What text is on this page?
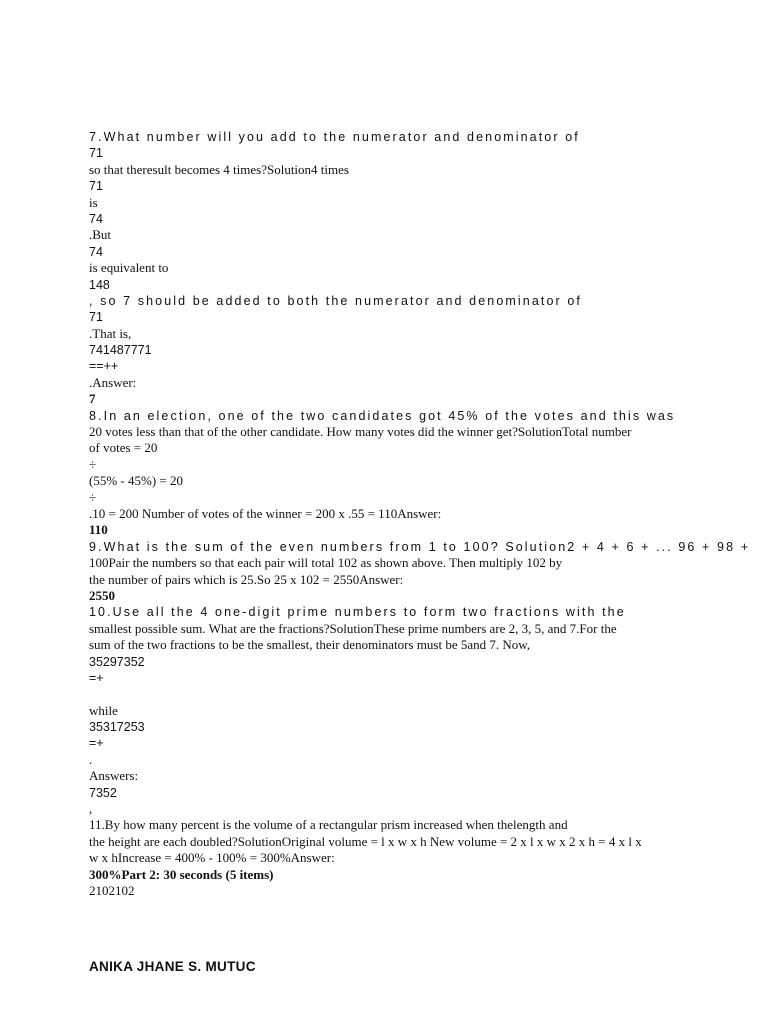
7.What number will you add to the numerator and denominator of
71
so that theresult becomes 4 times?Solution4 times
71
is
74
.But
74
is equivalent to
148
, so 7 should be added to both the numerator and denominator of
71
.That is,
741487771
==++
.Answer:
7
8.In an election, one of the two candidates got 45% of the votes and this was
20 votes less than that of the other candidate. How many votes did the winner get?SolutionTotal number
of votes = 20
÷
(55% - 45%) = 20
÷
.10 = 200 Number of votes of the winner = 200 x .55 = 110Answer:
110
9.What is the sum of the even numbers from 1 to 100? Solution2 + 4 + 6 + ... 96 + 98 +
100Pair the numbers so that each pair will total 102 as shown above. Then multiply 102 by
the number of pairs which is 25.So 25 x 102 = 2550Answer:
2550
10.Use all the 4 one-digit prime numbers to form two fractions with the
smallest possible sum. What are the fractions?SolutionThese prime numbers are 2, 3, 5, and 7.For the
sum of the two fractions to be the smallest, their denominators must be 5and 7. Now,
35297352
=+
while
35317253
=+
.
Answers:
7352
,
11.By how many percent is the volume of a rectangular prism increased when thelength and
the height are each doubled?SolutionOriginal volume = l x w x h New volume = 2 x l x w x 2 x h = 4 x l x
w x hIncrease = 400% - 100% = 300%Answer:
300%Part 2: 30 seconds (5 items)
2102102
ANIKA JHANE S. MUTUC
